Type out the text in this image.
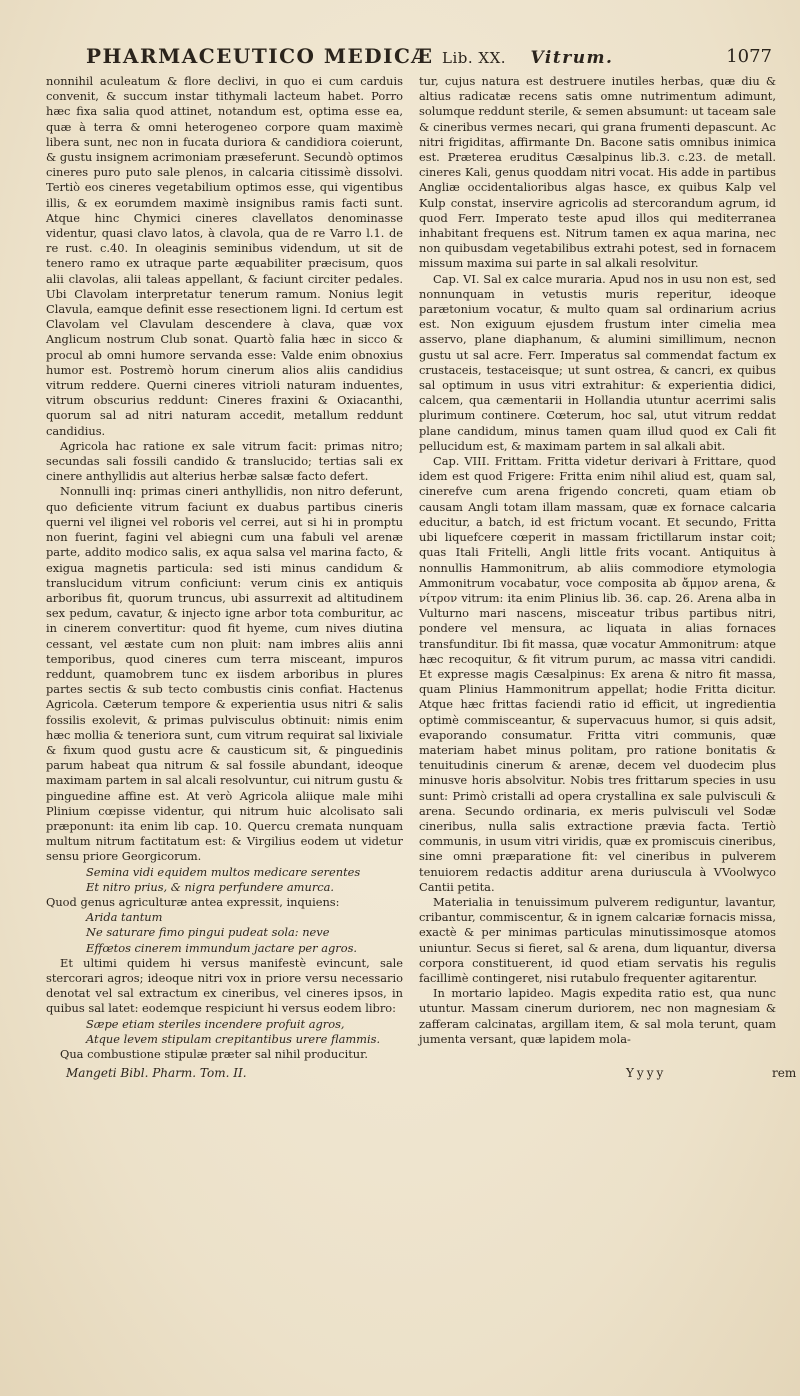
PHARMACEUTICO MEDICÆ Lib. XX. Vitrum.	1077

nonnihil aculeatum & flore declivi, in quo ei cum carduis convenit, & succum instar tithymali lacteum habet. Porro hæc fixa salia quod attinet, notandum est, optima esse ea, quæ à terra & omni heterogeneo corpore quam maximè libera sunt, nec non in fucata duriora & candidiora coierunt, & gustu insignem acrimoniam præseferunt. Secundò optimos cineres puro puto sale plenos, in calcaria citissimè dissolvi. Tertiò eos cineres vegetabilium optimos esse, qui vigentibus illis, & ex eorumdem maximè insignibus ramis facti sunt. Atque hinc Chymici cineres clavellatos denominasse videntur, quasi clavo latos, à clavola, qua de re Varro l.1. de re rust. c.40. In oleaginis seminibus videndum, ut sit de tenero ramo ex utraque parte æquabiliter præcisum, quos alii clavolas, alii taleas appellant, & faciunt circiter pedales. Ubi Clavolam interpretatur tenerum ramum. Nonius legit Clavula, eamque definit esse resectionem ligni. Id certum est Clavolam vel Clavulam descendere à clava, quæ vox Anglicum nostrum Club sonat. Quartò falia hæc in sicco & procul ab omni humore servanda esse: Valde enim obnoxius humor est. Postremò horum cinerum alios aliis candidius vitrum reddere. Querni cineres vitrioli naturam induentes, vitrum obscurius reddunt: Cineres fraxini & Oxiacanthi, quorum sal ad nitri naturam accedit, metallum reddunt candidius.

Agricola hac ratione ex sale vitrum facit: primas nitro; secundas sali fossili candido & translucido; tertias sali ex cinere anthyllidis aut alterius herbæ salsæ facto defert.

Nonnulli inq: primas cineri anthyllidis, non nitro deferunt, quo deficiente vitrum faciunt ex duabus partibus cineris querni vel ilignei vel roboris vel cerrei, aut si hi in promptu non fuerint, fagini vel abiegni cum una fabuli vel arenæ parte, addito modico salis, ex aqua salsa vel marina facto, & exigua magnetis particula: sed isti minus candidum & translucidum vitrum conficiunt: verum cinis ex antiquis arboribus fit, quorum truncus, ubi assurrexit ad altitudinem sex pedum, cavatur, & injecto igne arbor tota comburitur, ac in cinerem convertitur: quod fit hyeme, cum nives diutina cessant, vel æstate cum non pluit: nam imbres aliis anni temporibus, quod cineres cum terra misceant, impuros reddunt, quamobrem tunc ex iisdem arboribus in plures partes sectis & sub tecto combustis cinis confiat. Hactenus Agricola. Cæterum tempore & experientia usus nitri & salis fossilis exolevit, & primas pulvisculus obtinuit: nimis enim hæc mollia & teneriora sunt, cum vitrum requirat sal lixiviale & fixum quod gustu acre & causticum sit, & pinguedinis parum habeat qua nitrum & sal fossile abundant, ideoque maximam partem in sal alcali resolvuntur, cui nitrum gustu & pinguedine affine est. At verò Agricola aliique male mihi Plinium cœpisse videntur, qui nitrum huic alcolisato sali præponunt: ita enim lib cap. 10. Quercu cremata nunquam multum nitrum factitatum est: & Virgilius eodem ut videtur sensu priore Georgicorum.

Semina vidi equidem multos medicare serentes

Et nitro prius, & nigra perfundere amurca.

Quod genus agriculturæ antea expressit, inquiens:

Arida tantum

Ne saturare fimo pingui pudeat sola: neve

Effœtos cinerem immundum jactare per agros.

Et ultimi quidem hi versus manifestè evincunt, sale stercorari agros; ideoque nitri vox in priore versu necessario denotat vel sal extractum ex cineribus, vel cineres ipsos, in quibus sal latet: eodemque respiciunt hi versus eodem libro:

Sæpe etiam steriles incendere profuit agros,

Atque levem stipulam crepitantibus urere flammis.

Qua combustione stipulæ præter sal nihil producitur.

tur, cujus natura est destruere inutiles herbas, quæ diu & altius radicatæ recens satis omne nutrimentum adimunt, solumque reddunt sterile, & semen absumunt: ut taceam sale & cineribus vermes necari, qui grana frumenti depascunt. Ac nitri frigiditas, affirmante Dn. Bacone satis omnibus inimica est. Præterea eruditus Cæsalpinus lib.3. c.23. de metall. cineres Kali, genus quoddam nitri vocat. His adde in partibus Angliæ occidentalioribus algas hasce, ex quibus Kalp vel Kulp constat, inservire agricolis ad stercorandum agrum, id quod Ferr. Imperato teste apud illos qui mediterranea inhabitant frequens est. Nitrum tamen ex aqua marina, nec non quibusdam vegetabilibus extrahi potest, sed in fornacem missum maxima sui parte in sal alkali resolvitur.

Cap. VI. Sal ex calce muraria. Apud nos in usu non est, sed nonnunquam in vetustis muris reperitur, ideoque parætonium vocatur, & multo quam sal ordinarium acrius est. Non exiguum ejusdem frustum inter cimelia mea asservo, plane diaphanum, & alumini simillimum, necnon gustu ut sal acre. Ferr. Imperatus sal commendat factum ex crustaceis, testaceisque; ut sunt ostrea, & cancri, ex quibus sal optimum in usus vitri extrahitur: & experientia didici, calcem, qua cæmentarii in Hollandia utuntur acerrimi salis plurimum continere. Cœterum, hoc sal, utut vitrum reddat plane candidum, minus tamen quam illud quod ex Cali fit pellucidum est, & maximam partem in sal alkali abit.

Cap. VIII. Frittam. Fritta videtur derivari à Frittare, quod idem est quod Frigere: Fritta enim nihil aliud est, quam sal, cinerefve cum arena frigendo concreti, quam etiam ob causam Angli totam illam massam, quæ ex fornace calcaria educitur, a batch, id est frictum vocant. Et secundo, Fritta ubi liquefcere cœperit in massam frictillarum instar coit; quas Itali Fritelli, Angli little frits vocant. Antiquitus à nonnullis Hammonitrum, ab aliis commodiore etymologia Ammonitrum vocabatur, voce composita ab ἄμμον arena, & νίτρον vitrum: ita enim Plinius lib. 36. cap. 26. Arena alba in Vulturno mari nascens, misceatur tribus partibus nitri, pondere vel mensura, ac liquata in alias fornaces transfunditur. Ibi fit massa, quæ vocatur Ammonitrum: atque hæc recoquitur, & fit vitrum purum, ac massa vitri candidi. Et expresse magis Cæsalpinus: Ex arena & nitro fit massa, quam Plinius Hammonitrum appellat; hodie Fritta dicitur. Atque hæc frittas faciendi ratio id efficit, ut ingredientia optimè commisceantur, & supervacuus humor, si quis adsit, evaporando consumatur. Fritta vitri communis, quæ materiam habet minus politam, pro ratione bonitatis & tenuitudinis cinerum & arenæ, decem vel duodecim plus minusve horis absolvitur. Nobis tres frittarum species in usu sunt: Primò cristalli ad opera crystallina ex sale pulvisculi & arena. Secundo ordinaria, ex meris pulvisculi vel Sodæ cineribus, nulla salis extractione prævia facta. Tertiò communis, in usum vitri viridis, quæ ex promiscuis cineribus, sine omni præparatione fit: vel cineribus in pulverem tenuiorem redactis additur arena duriuscula à VVoolwyco Cantii petita.

Materialia in tenuissimum pulverem rediguntur, lavantur, cribantur, commiscentur, & in ignem calcariæ fornacis missa, exactè & per minimas particulas minutissimosque atomos uniuntur. Secus si fieret, sal & arena, dum liquantur, diversa corpora constituerent, id quod etiam servatis his regulis facillimè contingeret, nisi rutabulo frequenter agitarentur.

In mortario lapideo. Magis expedita ratio est, qua nunc utuntur. Massam cinerum duriorem, nec non magnesiam & zafferam calcinatas, argillam item, & sal mola terunt, quam jumenta versant, quæ lapidem mola-

Mangeti Bibl. Pharm. Tom. II.	Yyyy	rem
